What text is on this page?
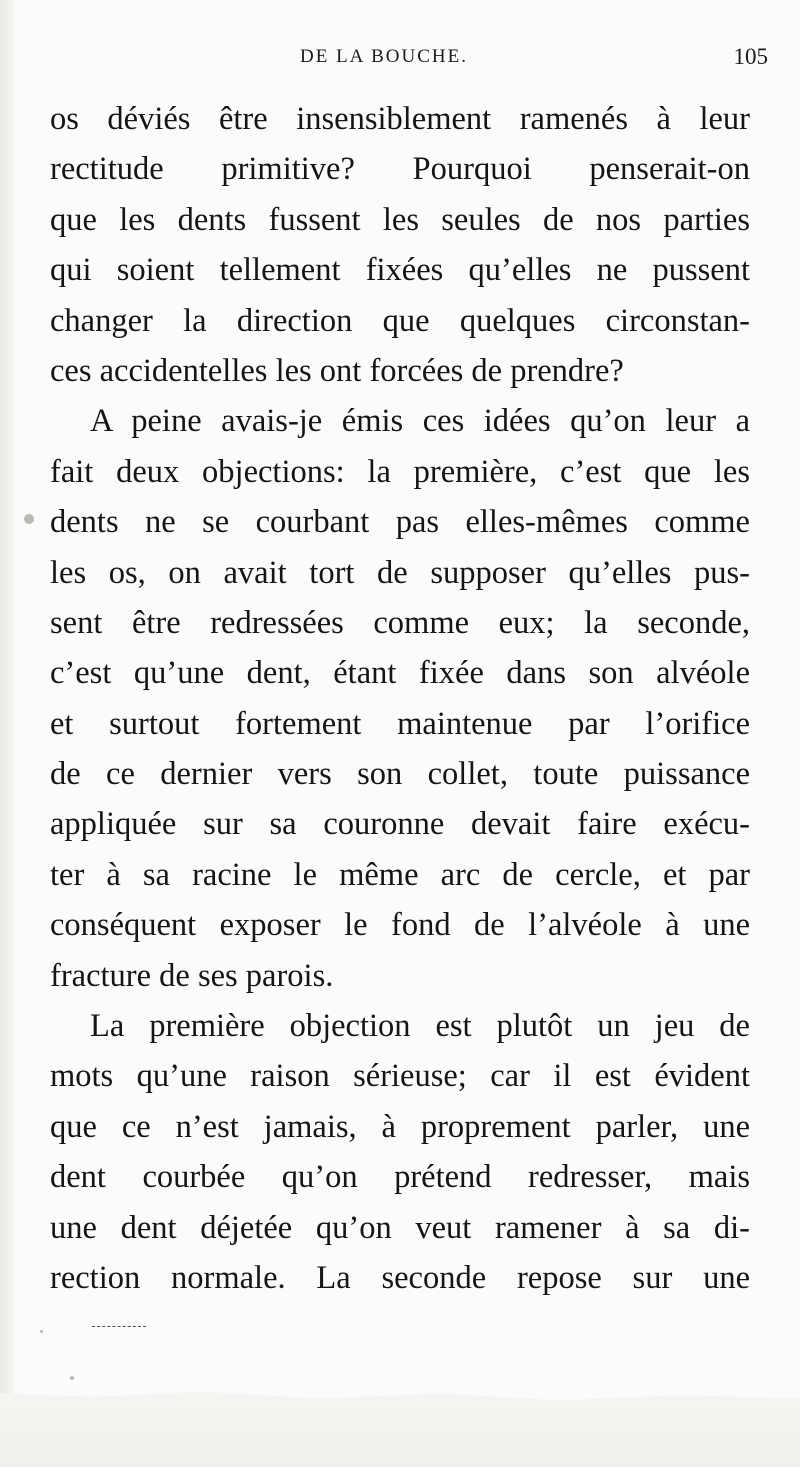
DE LA BOUCHE.	105
os déviés être insensiblement ramenés à leur
rectitude primitive? Pourquoi penserait-on
que les dents fussent les seules de nos parties
qui soient tellement fixées qu’elles ne pussent
changer la direction que quelques circonstan-
ces accidentelles les ont forcées de prendre?
A peine avais-je émis ces idées qu’on leur a
fait deux objections: la première, c’est que les
dents ne se courbant pas elles-mêmes comme
les os, on avait tort de supposer qu’elles pus-
sent être redressées comme eux; la seconde,
c’est qu’une dent, étant fixée dans son alvéole
et surtout fortement maintenue par l’orifice
de ce dernier vers son collet, toute puissance
appliquée sur sa couronne devait faire exécu-
ter à sa racine le même arc de cercle, et par
conséquent exposer le fond de l’alvéole à une
fracture de ses parois.
La première objection est plutôt un jeu de
mots qu’une raison sérieuse; car il est évident
que ce n’est jamais, à proprement parler, une
dent courbée qu’on prétend redresser, mais
une dent déjetée qu’on veut ramener à sa di-
rection normale. La seconde repose sur une
